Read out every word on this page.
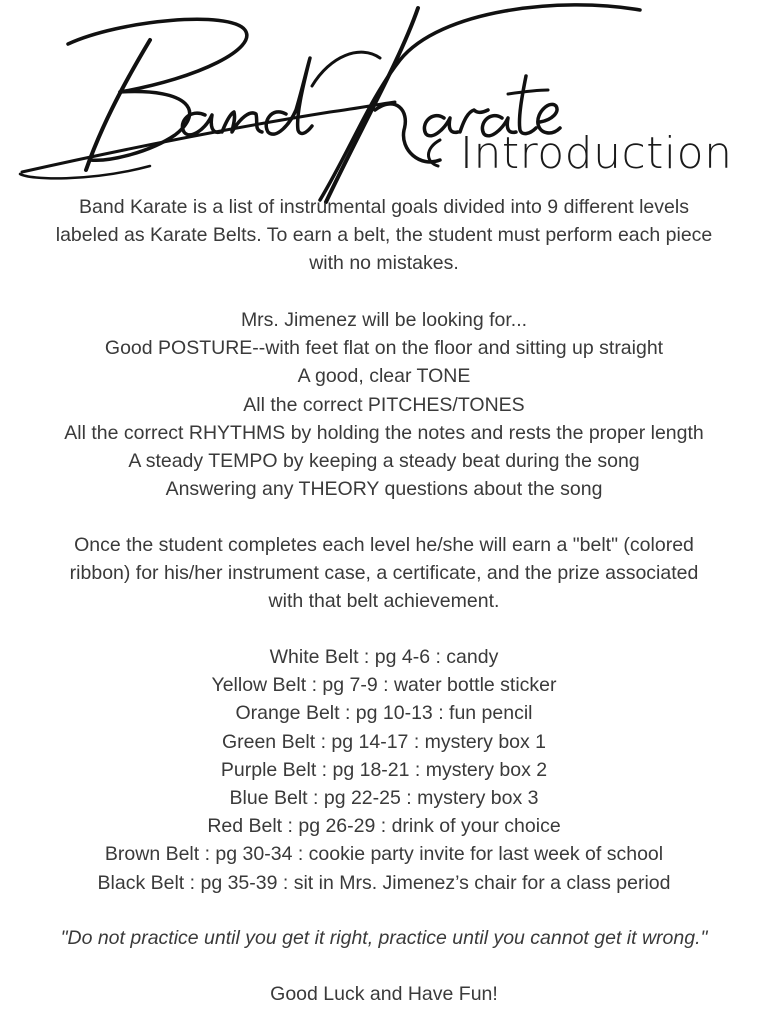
Introduction
Band Karate is a list of instrumental goals divided into 9 different levels
labeled as Karate Belts. To earn a belt, the student must perform each piece
with no mistakes.
Mrs. Jimenez will be looking for...
Good POSTURE--with feet flat on the floor and sitting up straight
A good, clear TONE
All the correct PITCHES/TONES
All the correct RHYTHMS by holding the notes and rests the proper length
A steady TEMPO by keeping a steady beat during the song
Answering any THEORY questions about the song
Once the student completes each level he/she will earn a "belt" (colored
ribbon) for his/her instrument case, a certificate, and the prize associated
with that belt achievement.
White Belt : pg 4-6 : candy
Yellow Belt : pg 7-9 : water bottle sticker
Orange Belt : pg 10-13 : fun pencil
Green Belt : pg 14-17 : mystery box 1
Purple Belt : pg 18-21 : mystery box 2
Blue Belt : pg 22-25 : mystery box 3
Red Belt : pg 26-29 : drink of your choice
Brown Belt : pg 30-34 : cookie party invite for last week of school
Black Belt : pg 35-39 : sit in Mrs. Jimenez’s chair for a class period
"Do not practice until you get it right, practice until you cannot get it wrong."
Good Luck and Have Fun!
